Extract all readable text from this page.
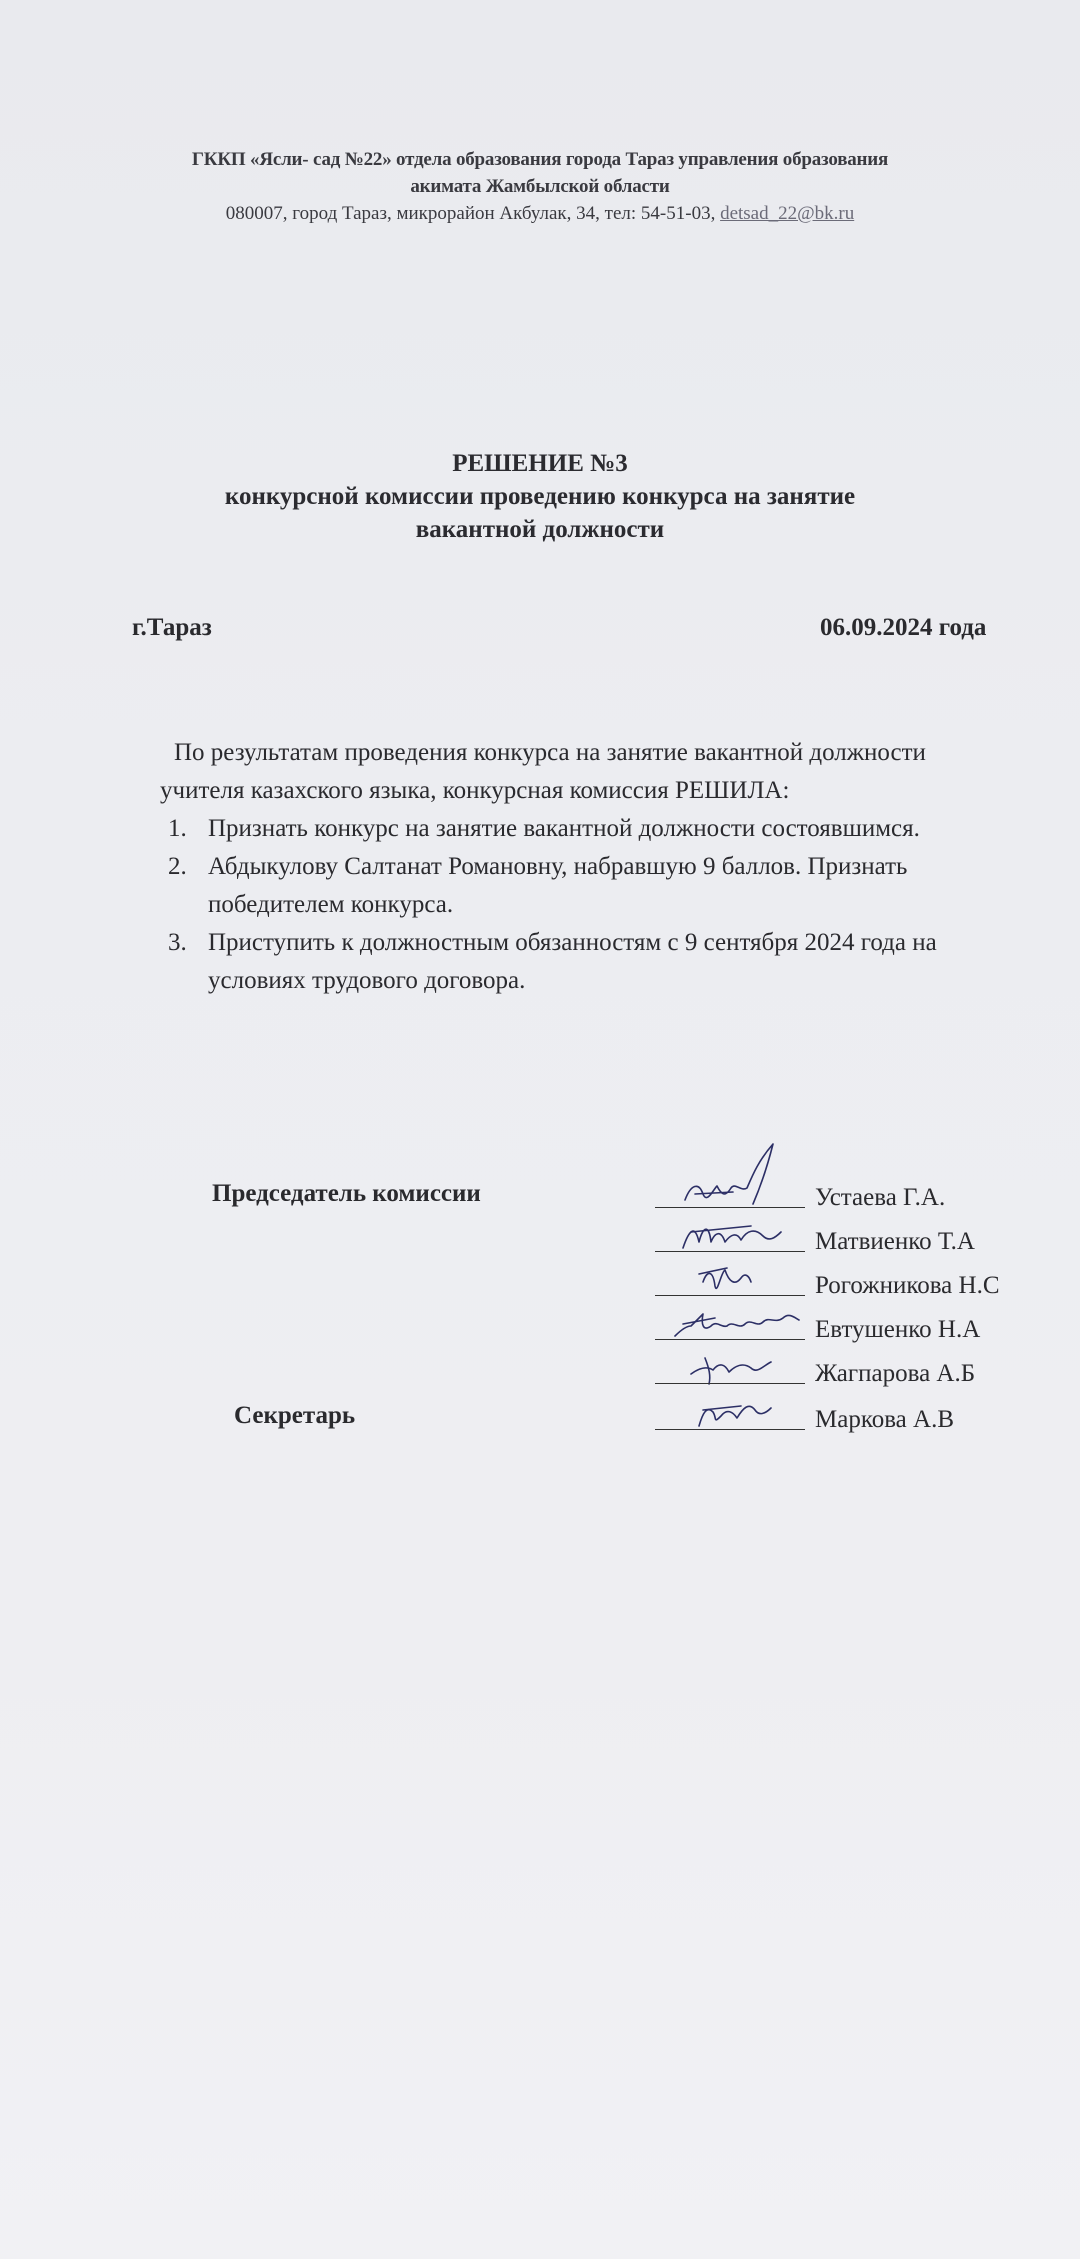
ГККП «Ясли- сад №22» отдела образования города Тараз управления образования
акимата Жамбылской области
080007, город Тараз, микрорайон Акбулак, 34, тел: 54-51-03, detsad_22@bk.ru
РЕШЕНИЕ №3
конкурсной комиссии проведению конкурса на занятие
вакантной должности
г.Тараз	06.09.2024 года
По результатам проведения конкурса на занятие вакантной должности учителя казахского языка, конкурсная комиссия РЕШИЛА:
1. Признать конкурс на занятие вакантной должности состоявшимся.
2. Абдыкулову Салтанат Романовну, набравшую 9 баллов. Признать победителем конкурса.
3. Приступить к должностным обязанностям с 9 сентября 2024 года на условиях трудового договора.
Председатель комиссии
Секретарь
Устаева Г.А.
Матвиенко Т.А
Рогожникова Н.С
Евтушенко Н.А
Жагпарова А.Б
Маркова А.В
